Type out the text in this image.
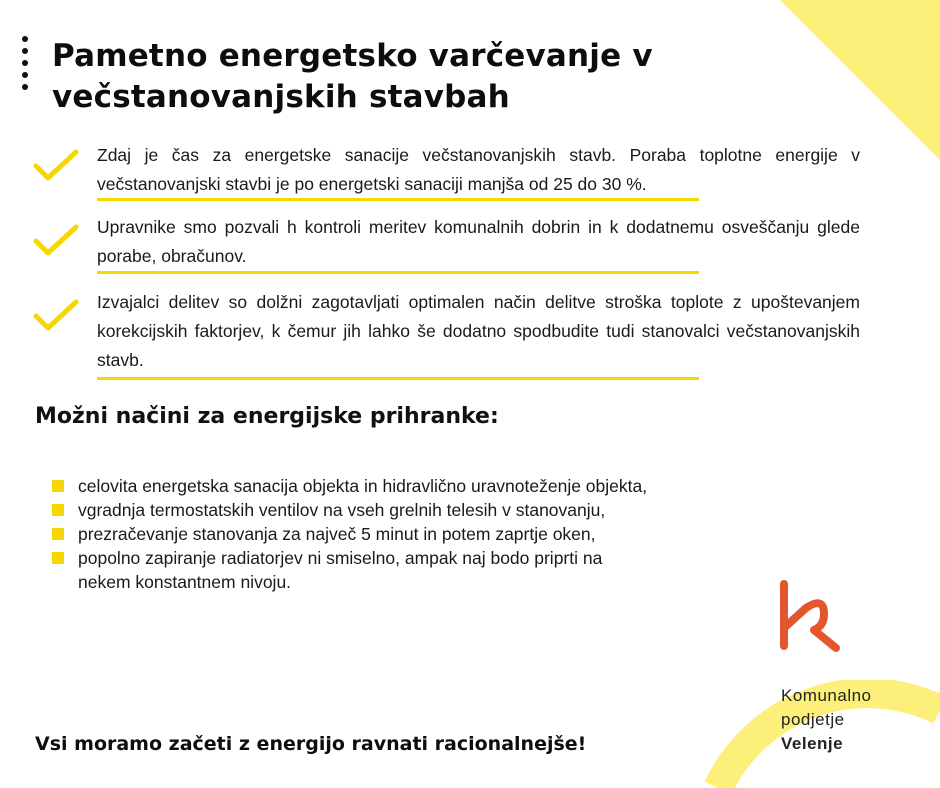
Pametno energetsko varčevanje v večstanovanjskih stavbah
Zdaj je čas za energetske sanacije večstanovanjskih stavb. Poraba toplotne energije v večstanovanjski stavbi je po energetski sanaciji manjša od 25 do 30 %.
Upravnike smo pozvali h kontroli meritev komunalnih dobrin in k dodatnemu osveščanju glede porabe, obračunov.
Izvajalci delitev so dolžni zagotavljati optimalen način delitve stroška toplote z upoštevanjem korekcijskih faktorjev, k čemur jih lahko še dodatno spodbudite tudi stanovalci večstanovanjskih stavb.
Možni načini za energijske prihranke:
celovita energetska sanacija objekta in hidravlično uravnoteženje objekta,
vgradnja termostatskih ventilov na vseh grelnih telesih v stanovanju,
prezračevanje stanovanja za največ 5 minut in potem zaprtje oken,
popolno zapiranje radiatorjev ni smiselno, ampak naj bodo priprti na nekem konstantnem nivoju.
Vsi moramo začeti z energijo ravnati racionalnejše!
Komunalno
podjetje
Velenje
